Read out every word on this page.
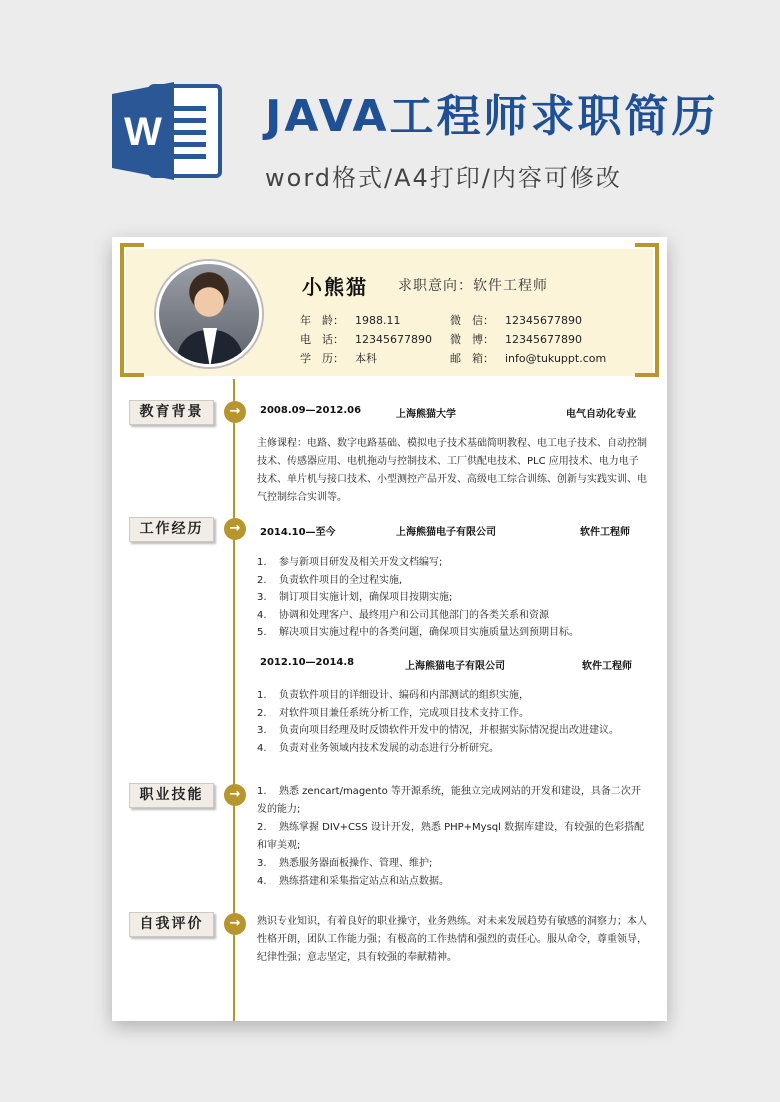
W JAVA工程师求职简历
word格式/A4打印/内容可修改
小熊猫 求职意向：软件工程师
年　龄： 1988.11
电　话： 12345677890
学　历： 本科
微　信： 12345677890
微　博： 12345677890
邮　箱： info@tukuppt.com
教育背景	→	2008.09—2012.06	上海熊猫大学	电气自动化专业
主修课程：电路、数字电路基础、模拟电子技术基础简明教程、电工电子技术、自动控制技术、传感器应用、电机拖动与控制技术、工厂供配电技术、PLC 应用技术、电力电子技术、单片机与接口技术、小型测控产品开发、高级电工综合训练、创新与实践实训、电气控制综合实训等。
工作经历	→	2014.10—至今	上海熊猫电子有限公司	软件工程师
1. 参与新项目研发及相关开发文档编写;
2. 负责软件项目的全过程实施,
3. 制订项目实施计划，确保项目按期实施;
4. 协调和处理客户、最终用户和公司其他部门的各类关系和资源
5. 解决项目实施过程中的各类问题，确保项目实施质量达到预期目标。
2012.10—2014.8	上海熊猫电子有限公司	软件工程师
1. 负责软件项目的详细设计、编码和内部测试的组织实施，
2. 对软件项目兼任系统分析工作，完成项目技术支持工作。
3. 负责向项目经理及时反馈软件开发中的情况，并根据实际情况提出改进建议。
4. 负责对业务领域内技术发展的动态进行分析研究。
职业技能	→	1. 熟悉 zencart/magento 等开源系统，能独立完成网站的开发和建设，具备二次开发的能力;
2. 熟练掌握 DIV+CSS 设计开发，熟悉 PHP+Mysql 数据库建设，有较强的色彩搭配和审美观;
3. 熟悉服务器面板操作、管理、维护;
4. 熟练搭建和采集指定站点和站点数据。
自我评价	→	熟识专业知识，有着良好的职业操守，业务熟练。对未来发展趋势有敏感的洞察力；本人性格开朗，团队工作能力强；有极高的工作热情和强烈的责任心。服从命令，尊重领导，纪律性强；意志坚定，具有较强的奉献精神。
